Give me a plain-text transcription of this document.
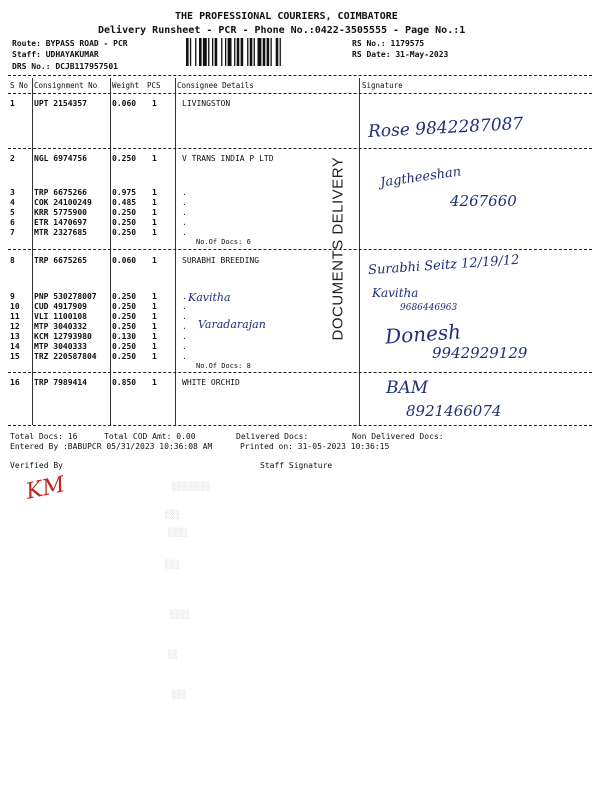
THE PROFESSIONAL COURIERS, COIMBATORE
Delivery Runsheet - PCR - Phone No.:0422-3505555 - Page No.:1
Route: BYPASS ROAD - PCR
Staff: UDHAYAKUMAR
DRS No.: DCJB117957501
RS No.: 1179575
RS Date: 31-May-2023
S No Consignment No Weight PCS Consignee Details	Signature
1 UPT 2154357	0.060 1	LIVINGSTON
2 NGL 6974756	0.250 1	V TRANS INDIA P LTD
3 TRP 6675266	0.975 1	.
4 COK 24100249	0.485 1	.
5 KRR 5775900	0.250 1	.
6 ETR 1470697	0.250 1	.
7 MTR 2327685	0.250 1	.
No.Of Docs: 6
8 TRP 6675265	0.060 1	SURABHI BREEDING
9 PNP 530278007 0.250 1	.
10 CUD 4917909	0.250 1	.
11 VLI 1100108	0.250 1	.
12 MTP 3040332	0.250 1	.
13 KCM 12793980	0.130 1	.
14 MTP 3040333	0.250 1	.
15 TRZ 220587804 0.250 1	.
No.Of Docs: 8
16 TRP 7989414	0.850 1	WHITE ORCHID
DOCUMENTS DELIVERY
Rose 9842287087
Jagtheeshan
4267660
Surabhi Seitz 12/19/12
Kavitha
9686446963
Donesh
9942929129
BAM
8921466074
Kavitha
Varadarajan
Total Docs: 16	Total COD Amt: 0.00	Delivered Docs:	Non Delivered Docs:
Entered By :BABUPCR 05/31/2023 10:36:08 AM	Printed on: 31-05-2023 10:36:15
Verified By	Staff Signature
KM	░░░░░░░░
░░░
░░░░
░░░
░░░░
░░
░░░
